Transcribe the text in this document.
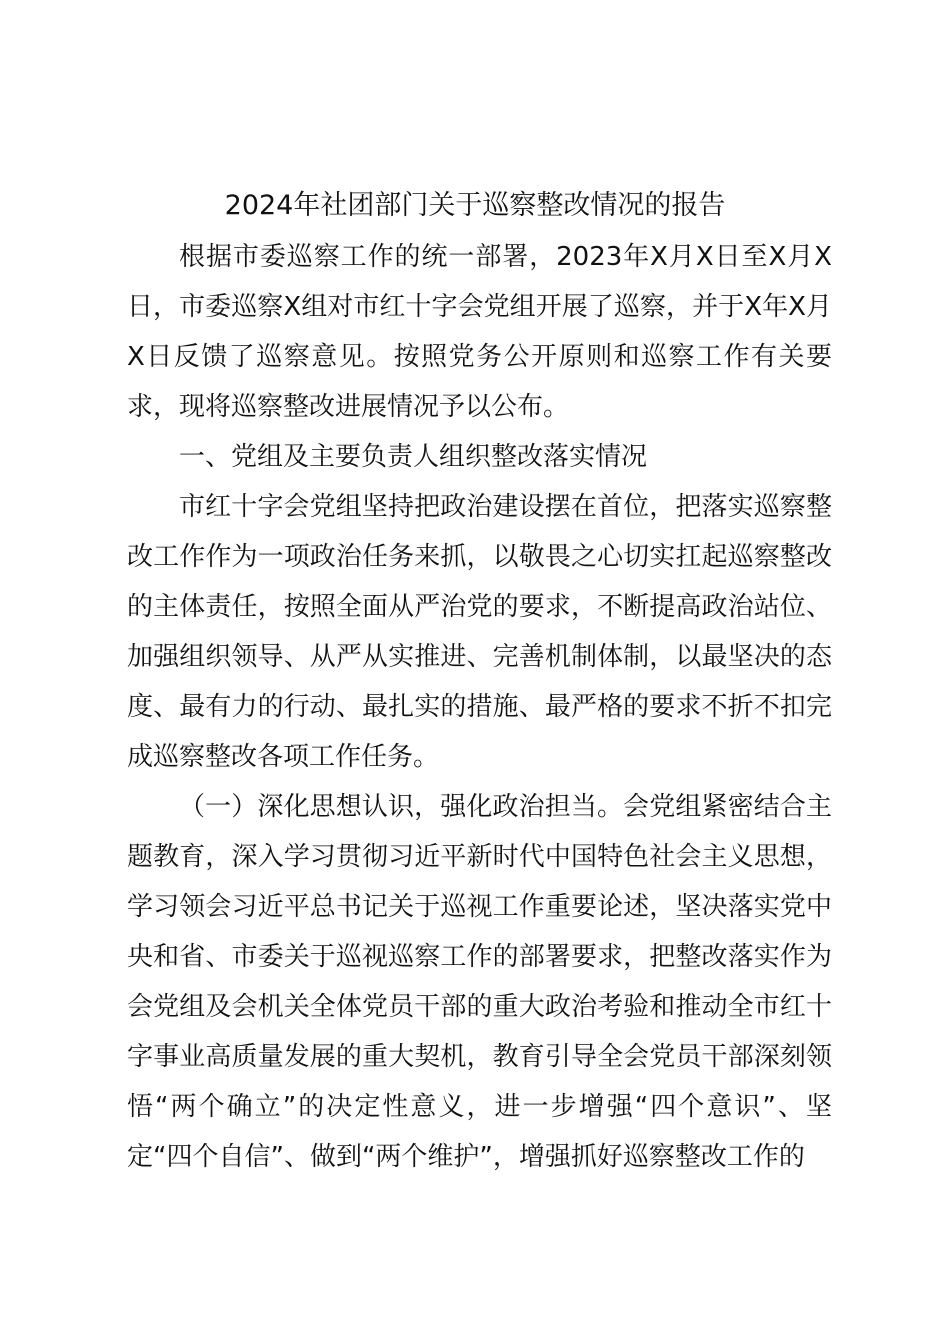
2024年社团部门关于巡察整改情况的报告

根据市委巡察工作的统一部署，2023年X月X日至X月X日，市委巡察X组对市红十字会党组开展了巡察，并于X年X月X日反馈了巡察意见。按照党务公开原则和巡察工作有关要求，现将巡察整改进展情况予以公布。

一、党组及主要负责人组织整改落实情况

市红十字会党组坚持把政治建设摆在首位，把落实巡察整改工作作为一项政治任务来抓，以敬畏之心切实扛起巡察整改的主体责任，按照全面从严治党的要求，不断提高政治站位、加强组织领导、从严从实推进、完善机制体制，以最坚决的态度、最有力的行动、最扎实的措施、最严格的要求不折不扣完成巡察整改各项工作任务。

（一）深化思想认识，强化政治担当。会党组紧密结合主题教育，深入学习贯彻习近平新时代中国特色社会主义思想，学习领会习近平总书记关于巡视工作重要论述，坚决落实党中央和省、市委关于巡视巡察工作的部署要求，把整改落实作为会党组及会机关全体党员干部的重大政治考验和推动全市红十字事业高质量发展的重大契机，教育引导全会党员干部深刻领悟“两个确立”的决定性意义，进一步增强“四个意识”、坚定“四个自信”、做到“两个维护”，增强抓好巡察整改工作的
